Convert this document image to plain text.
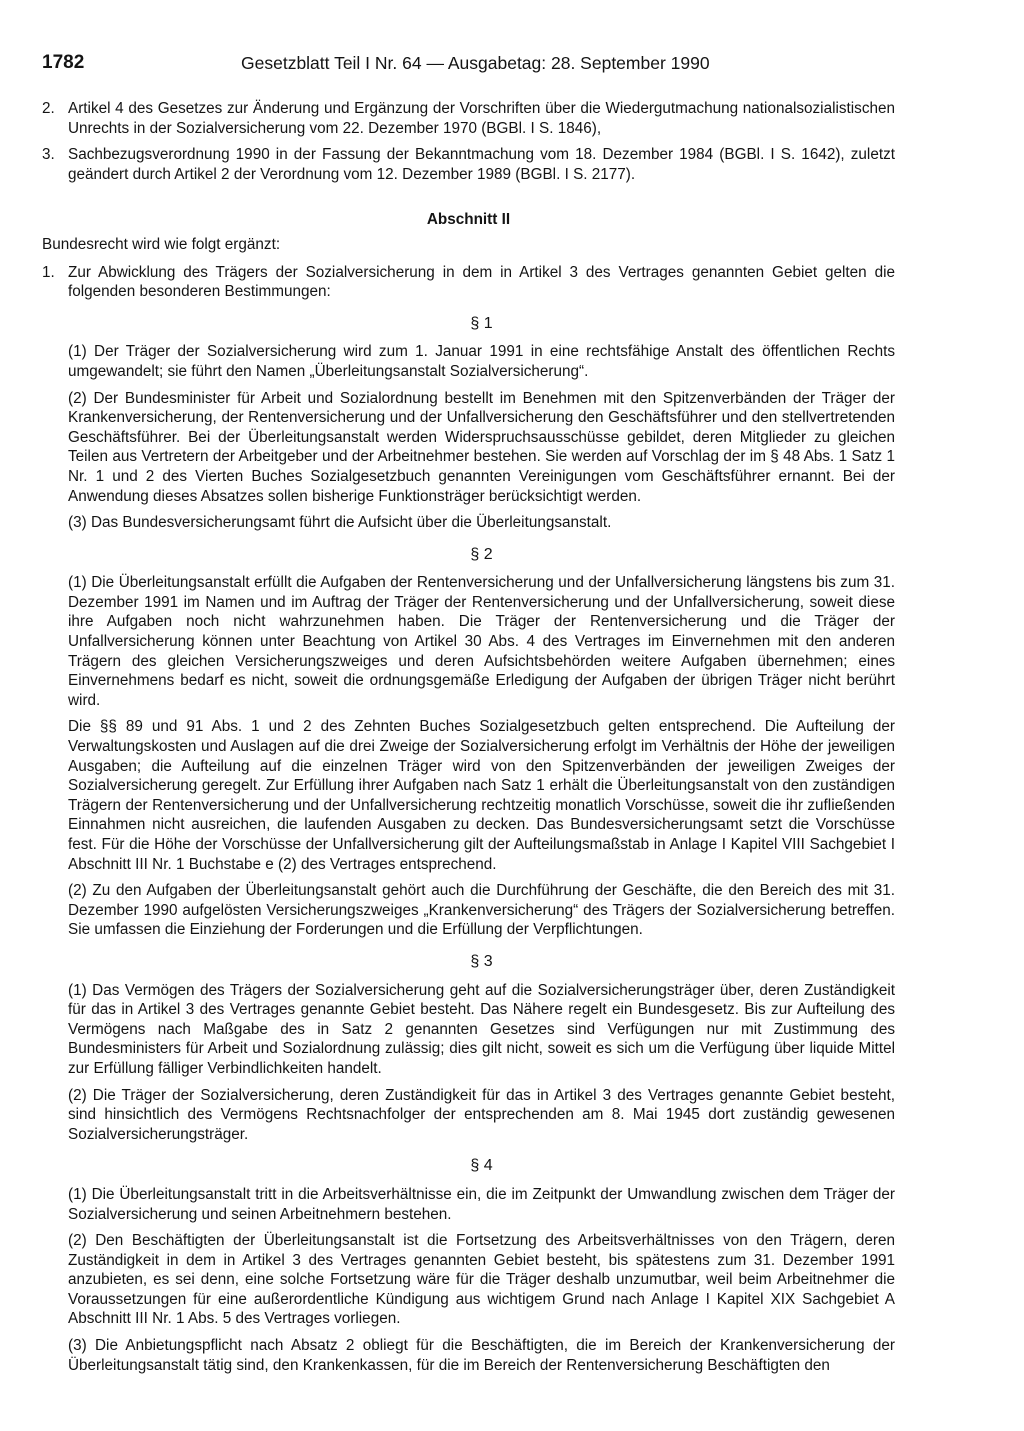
1782	Gesetzblatt Teil I Nr. 64 — Ausgabetag: 28. September 1990
2. Artikel 4 des Gesetzes zur Änderung und Ergänzung der Vorschriften über die Wiedergutmachung nationalsozialistischen Unrechts in der Sozialversicherung vom 22. Dezember 1970 (BGBl. I S. 1846),
3. Sachbezugsverordnung 1990 in der Fassung der Bekanntmachung vom 18. Dezember 1984 (BGBl. I S. 1642), zuletzt geändert durch Artikel 2 der Verordnung vom 12. Dezember 1989 (BGBl. I S. 2177).
Abschnitt II

Bundesrecht wird wie folgt ergänzt:

1. Zur Abwicklung des Trägers der Sozialversicherung in dem in Artikel 3 des Vertrages genannten Gebiet gelten die folgenden besonderen Bestimmungen:
§ 1

(1) Der Träger der Sozialversicherung wird zum 1. Januar 1991 in eine rechtsfähige Anstalt des öffentlichen Rechts umgewandelt; sie führt den Namen „Überleitungsanstalt Sozialversicherung“.

(2) Der Bundesminister für Arbeit und Sozialordnung bestellt im Benehmen mit den Spitzenverbänden der Träger der Krankenversicherung, der Rentenversicherung und der Unfallversicherung den Geschäftsführer und den stellvertretenden Geschäftsführer. Bei der Überleitungsanstalt werden Widerspruchsausschüsse gebildet, deren Mitglieder zu gleichen Teilen aus Vertretern der Arbeitgeber und der Arbeitnehmer bestehen. Sie werden auf Vorschlag der im § 48 Abs. 1 Satz 1 Nr. 1 und 2 des Vierten Buches Sozialgesetzbuch genannten Vereinigungen vom Geschäftsführer ernannt. Bei der Anwendung dieses Absatzes sollen bisherige Funktionsträger berücksichtigt werden.

(3) Das Bundesversicherungsamt führt die Aufsicht über die Überleitungsanstalt.

§ 2

(1) Die Überleitungsanstalt erfüllt die Aufgaben der Rentenversicherung und der Unfallversicherung längstens bis zum 31. Dezember 1991 im Namen und im Auftrag der Träger der Rentenversicherung und der Unfallversicherung, soweit diese ihre Aufgaben noch nicht wahrzunehmen haben. Die Träger der Rentenversicherung und die Träger der Unfallversicherung können unter Beachtung von Artikel 30 Abs. 4 des Vertrages im Einvernehmen mit den anderen Trägern des gleichen Versicherungszweiges und deren Aufsichtsbehörden weitere Aufgaben übernehmen; eines Einvernehmens bedarf es nicht, soweit die ordnungsgemäße Erledigung der Aufgaben der übrigen Träger nicht berührt wird.

Die §§ 89 und 91 Abs. 1 und 2 des Zehnten Buches Sozialgesetzbuch gelten entsprechend. Die Aufteilung der Verwaltungskosten und Auslagen auf die drei Zweige der Sozialversicherung erfolgt im Verhältnis der Höhe der jeweiligen Ausgaben; die Aufteilung auf die einzelnen Träger wird von den Spitzenverbänden der jeweiligen Zweiges der Sozialversicherung geregelt. Zur Erfüllung ihrer Aufgaben nach Satz 1 erhält die Überleitungsanstalt von den zuständigen Trägern der Rentenversicherung und der Unfallversicherung rechtzeitig monatlich Vorschüsse, soweit die ihr zufließenden Einnahmen nicht ausreichen, die laufenden Ausgaben zu decken. Das Bundesversicherungsamt setzt die Vorschüsse fest. Für die Höhe der Vorschüsse der Unfallversicherung gilt der Aufteilungsmaßstab in Anlage I Kapitel VIII Sachgebiet I Abschnitt III Nr. 1 Buchstabe e (2) des Vertrages entsprechend.

(2) Zu den Aufgaben der Überleitungsanstalt gehört auch die Durchführung der Geschäfte, die den Bereich des mit 31. Dezember 1990 aufgelösten Versicherungszweiges „Krankenversicherung“ des Trägers der Sozialversicherung betreffen. Sie umfassen die Einziehung der Forderungen und die Erfüllung der Verpflichtungen.

§ 3

(1) Das Vermögen des Trägers der Sozialversicherung geht auf die Sozialversicherungsträger über, deren Zuständigkeit für das in Artikel 3 des Vertrages genannte Gebiet besteht. Das Nähere regelt ein Bundesgesetz. Bis zur Aufteilung des Vermögens nach Maßgabe des in Satz 2 genannten Gesetzes sind Verfügungen nur mit Zustimmung des Bundesministers für Arbeit und Sozialordnung zulässig; dies gilt nicht, soweit es sich um die Verfügung über liquide Mittel zur Erfüllung fälliger Verbindlichkeiten handelt.

(2) Die Träger der Sozialversicherung, deren Zuständigkeit für das in Artikel 3 des Vertrages genannte Gebiet besteht, sind hinsichtlich des Vermögens Rechtsnachfolger der entsprechenden am 8. Mai 1945 dort zuständig gewesenen Sozialversicherungsträger.

§ 4

(1) Die Überleitungsanstalt tritt in die Arbeitsverhältnisse ein, die im Zeitpunkt der Umwandlung zwischen dem Träger der Sozialversicherung und seinen Arbeitnehmern bestehen.

(2) Den Beschäftigten der Überleitungsanstalt ist die Fortsetzung des Arbeitsverhältnisses von den Trägern, deren Zuständigkeit in dem in Artikel 3 des Vertrages genannten Gebiet besteht, bis spätestens zum 31. Dezember 1991 anzubieten, es sei denn, eine solche Fortsetzung wäre für die Träger deshalb unzumutbar, weil beim Arbeitnehmer die Voraussetzungen für eine außerordentliche Kündigung aus wichtigem Grund nach Anlage I Kapitel XIX Sachgebiet A Abschnitt III Nr. 1 Abs. 5 des Vertrages vorliegen.

(3) Die Anbietungspflicht nach Absatz 2 obliegt für die Beschäftigten, die im Bereich der Krankenversicherung der Überleitungsanstalt tätig sind, den Krankenkassen, für die im Bereich der Rentenversicherung Beschäftigten den
